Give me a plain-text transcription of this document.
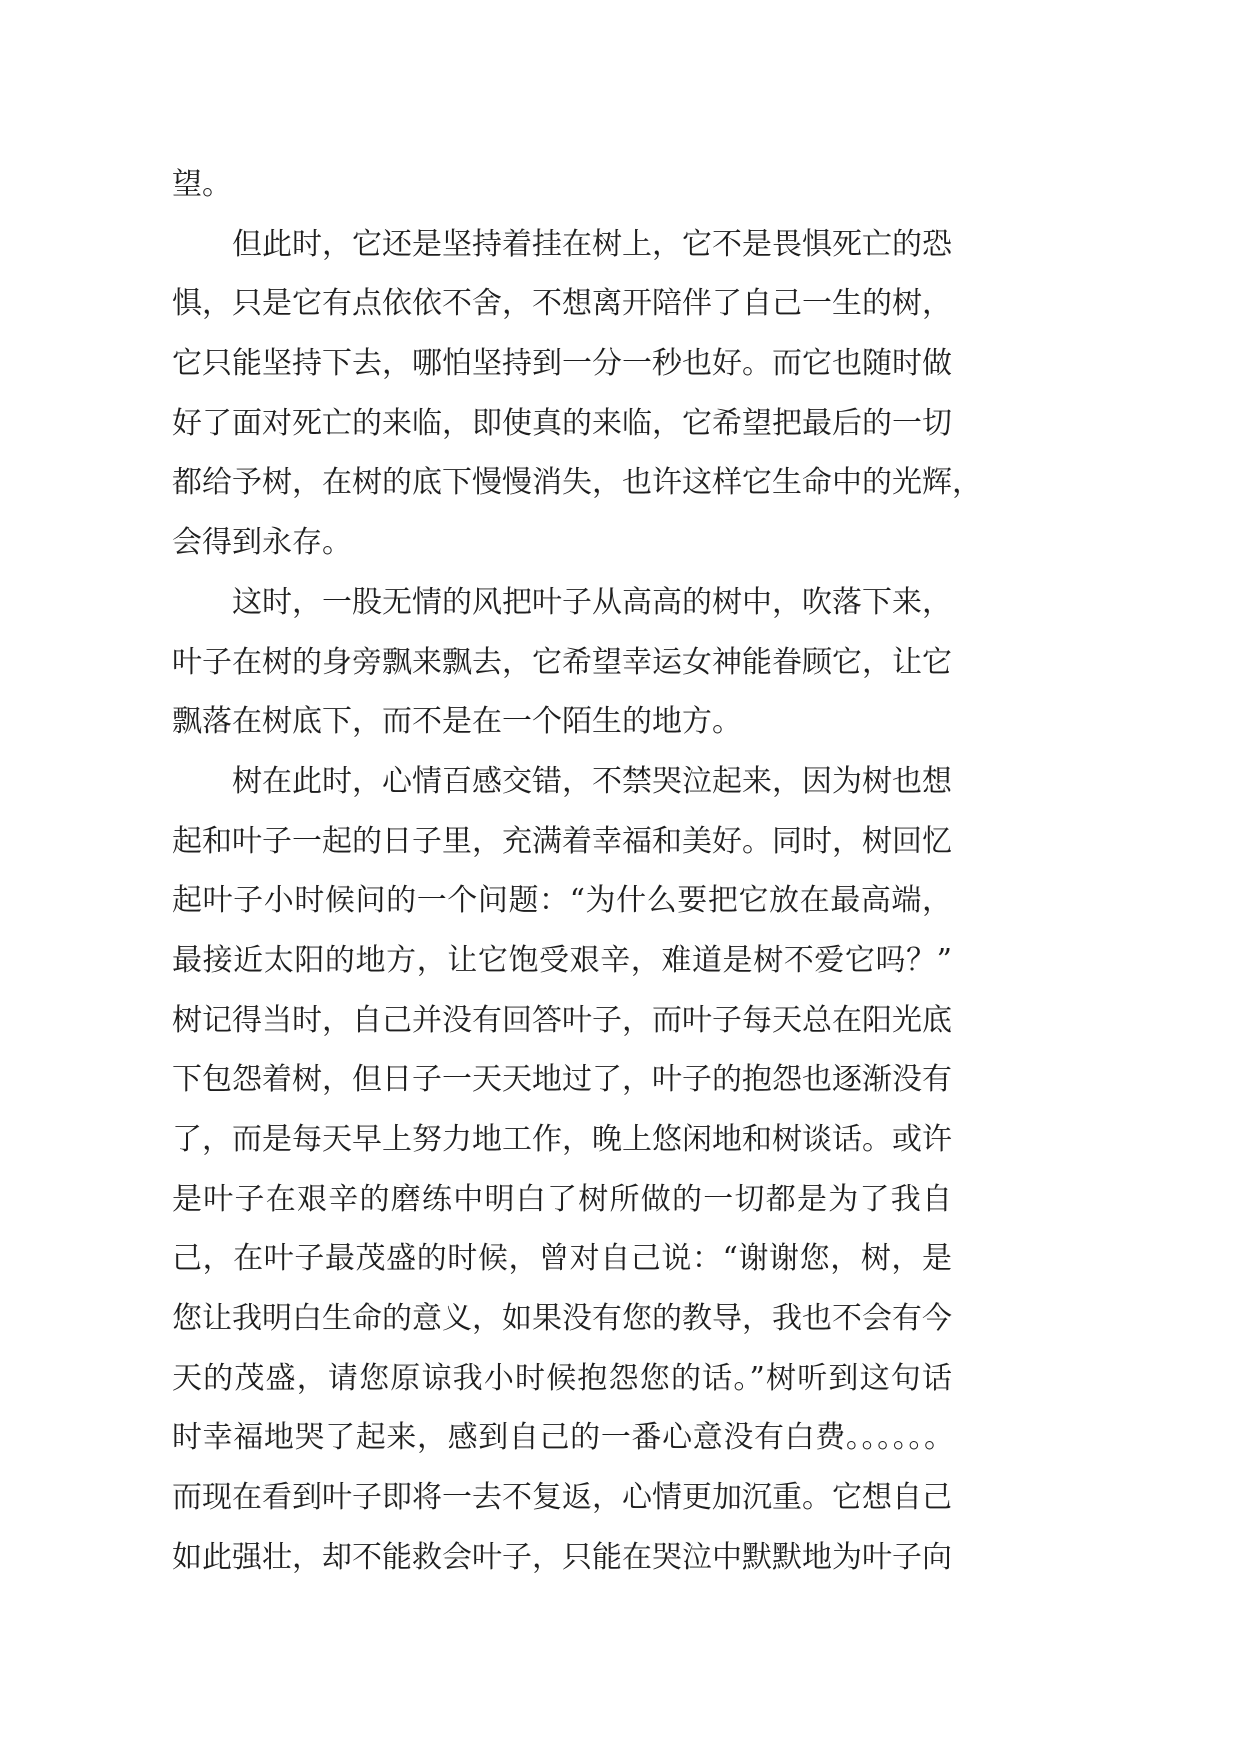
望。
但此时，它还是坚持着挂在树上，它不是畏惧死亡的恐
惧，只是它有点依依不舍，不想离开陪伴了自己一生的树，
它只能坚持下去，哪怕坚持到一分一秒也好。而它也随时做
好了面对死亡的来临，即使真的来临，它希望把最后的一切
都给予树，在树的底下慢慢消失，也许这样它生命中的光辉，
会得到永存。
这时，一股无情的风把叶子从高高的树中，吹落下来，
叶子在树的身旁飘来飘去，它希望幸运女神能眷顾它，让它
飘落在树底下，而不是在一个陌生的地方。
树在此时，心情百感交错，不禁哭泣起来，因为树也想
起和叶子一起的日子里，充满着幸福和美好。同时，树回忆
起叶子小时候问的一个问题：“为什么要把它放在最高端，
最接近太阳的地方，让它饱受艰辛，难道是树不爱它吗？”
树记得当时，自己并没有回答叶子，而叶子每天总在阳光底
下包怨着树，但日子一天天地过了，叶子的抱怨也逐渐没有
了，而是每天早上努力地工作，晚上悠闲地和树谈话。或许
是叶子在艰辛的磨练中明白了树所做的一切都是为了我自
己，在叶子最茂盛的时候，曾对自己说：“谢谢您，树，是
您让我明白生命的意义，如果没有您的教导，我也不会有今
天的茂盛，请您原谅我小时候抱怨您的话。”树听到这句话
时幸福地哭了起来，感到自己的一番心意没有白费。。。。。。
而现在看到叶子即将一去不复返，心情更加沉重。它想自己
如此强壮，却不能救会叶子，只能在哭泣中默默地为叶子向
